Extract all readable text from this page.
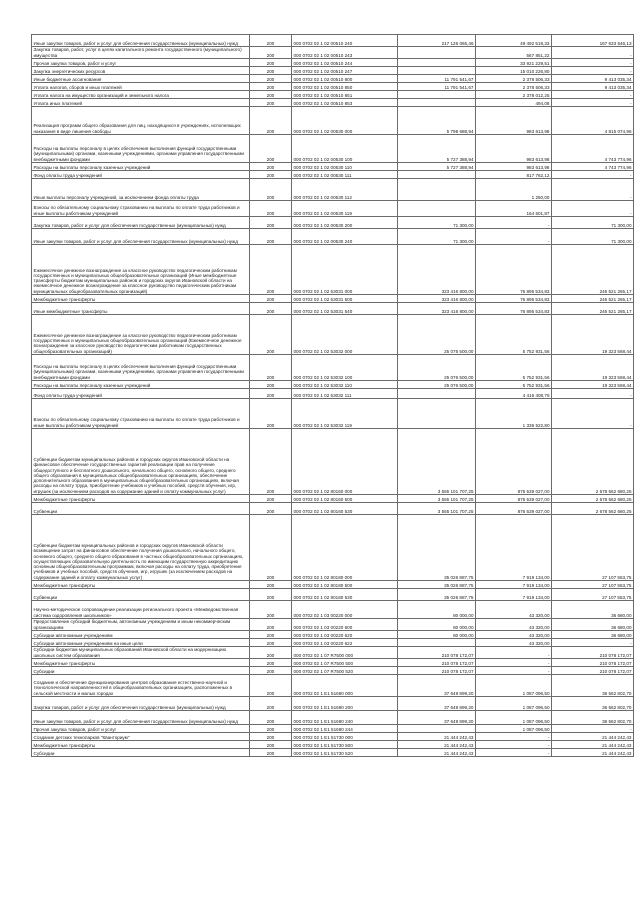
Иные закупки товаров, работ и услуг для обеспечения государственных (муниципальных) нужд	200	000 0702 02 1 02 00510 240	217 126 065,46	49 492 519,33	167 633 546,13
Закупка товаров, работ, услуг в целях капитального ремонта государственного (муниципального) имущества	200	000 0702 02 1 02 00510 243		567 851,22	-
Прочая закупка товаров, работ и услуг	200	000 0702 02 1 02 00510 244		33 921 229,51	-
Закупка энергетических ресурсов	200	000 0702 02 1 02 00510 247		15 010 226,80	-
Иные бюджетные ассигнования	200	000 0702 02 1 02 00510 800	11 791 541,67	2 378 506,33	9 413 035,34
Уплата налогов, сборов и иных платежей	200	000 0702 02 1 02 00510 850	11 791 541,67	2 378 506,33	9 413 035,34
Уплата налога на имущество организаций и земельного налога	200	000 0702 02 1 02 00510 851		2 378 012,25	-
Уплата иных платежей	200	000 0702 02 1 02 00510 853		494,08	-
Реализация программ общего образования для лиц, находящихся в учреждениях, исполняющих наказания в виде лишения свободы	200	000 0702 02 1 02 00530 000	5 798 688,94	983 613,98	4 815 074,96
Расходы на выплаты персоналу в целях обеспечения выполнения функций государственными (муниципальными) органами, казенными учреждениями, органами управления государственными внебюджетными фондами	200	000 0702 02 1 02 00530 100	5 727 388,94	983 613,98	4 743 774,96
Расходы на выплаты персоналу казенных учреждений	200	000 0702 02 1 02 00530 110	5 727 388,94	983 613,98	4 743 774,96
Фонд оплаты труда учреждений	200	000 0702 02 1 02 00530 111		817 762,12	-
Иные выплаты персоналу учреждений, за исключением фонда оплаты труда	200	000 0702 02 1 02 00530 112		1 250,00	-
Взносы по обязательному социальному страхованию на выплаты по оплате труда работников и иные выплаты работникам учреждений	200	000 0702 02 1 02 00530 119		164 601,87	-
Закупка товаров, работ и услуг для обеспечения государственных (муниципальных) нужд	200	000 0702 02 1 02 00530 200	71 300,00	-	71 300,00
Иные закупки товаров, работ и услуг для обеспечения государственных (муниципальных) нужд	200	000 0702 02 1 02 00530 240	71 300,00	-	71 300,00
Ежемесячное денежное вознаграждение за классное руководство педагогическим работникам государственных и муниципальных общеобразовательных организаций (Иные межбюджетные трансферты бюджетам муниципальных районов и городских округов Ивановской области на ежемесячное денежное вознаграждение за классное руководство педагогическим работникам муниципальных общеобразовательных организаций)	200	000 0702 02 1 02 53031 000	323 416 800,00	76 895 534,83	246 521 265,17
Межбюджетные трансферты	200	000 0702 02 1 02 53031 500	323 416 800,00	76 895 534,83	246 521 265,17
Иные межбюджетные трансферты	200	000 0702 02 1 02 53031 540	323 416 800,00	76 895 534,83	246 521 265,17
Ежемесячное денежное вознаграждение за классное руководство педагогическим работникам государственных и муниципальных общеобразовательных организаций (Ежемесячное денежное вознаграждение за классное руководство педагогическим работникам государственных общеобразовательных организаций)	200	000 0702 02 1 02 53032 000	25 076 500,00	5 752 931,56	19 323 568,44
Расходы на выплаты персоналу в целях обеспечения выполнения функций государственными (муниципальными) органами, казенными учреждениями, органами управления государственными внебюджетными фондами	200	000 0702 02 1 02 53032 100	25 076 500,00	5 752 931,56	19 323 568,44
Расходы на выплаты персоналу казенных учреждений	200	000 0702 02 1 02 53032 110	25 076 500,00	5 752 931,56	19 323 568,44
Фонд оплаты труда учреждений	200	000 0702 02 1 02 53032 111		4 416 408,76	-
Взносы по обязательному социальному страхованию на выплаты по оплате труда работников и иные выплаты работникам учреждений	200	000 0702 02 1 02 53032 119		1 336 522,80	-
Субвенции бюджетам муниципальных районов и городских округов Ивановской области на финансовое обеспечение государственных гарантий реализации прав на получение общедоступного и бесплатного дошкольного, начального общего, основного общего, среднего общего образования в муниципальных общеобразовательных организациях, обеспечение дополнительного образования в муниципальных общеобразовательных организациях, включая расходы на оплату труда, приобретение учебников и учебных пособий, средств обучения, игр, игрушек (за исключением расходов на содержание зданий и оплату коммунальных услуг)	200	000 0702 02 1 02 80160 000	3 555 101 707,25	876 539 027,00	2 678 562 680,25
Межбюджетные трансферты	200	000 0702 02 1 02 80160 500	3 555 101 707,25	876 539 027,00	2 678 562 680,25
Субвенции	200	000 0702 02 1 02 80160 530	3 555 101 707,25	876 539 027,00	2 678 562 680,25
Субвенции бюджетам муниципальных районов и городских округов Ивановской области возмещение затрат на финансовое обеспечение получения дошкольного, начального общего, основного общего, среднего общего образования в частных общеобразовательных организациях, осуществляющих образовательную деятельность по имеющим государственную аккредитацию основным общеобразовательным программам, включая расходы на оплату труда, приобретение учебников и учебных пособий, средств обучения, игр, игрушек (за исключением расходов на содержание зданий и оплату коммунальных услуг)	200	000 0702 02 1 02 80180 000	35 026 887,75	7 919 134,00	27 107 553,75
Межбюджетные трансферты	200	000 0702 02 1 02 80180 500	35 026 887,75	7 919 134,00	27 107 553,75
Субвенции	200	000 0702 02 1 02 80180 530	35 026 887,75	7 919 134,00	27 107 553,75
Научно-методическое сопровождение реализации регионального проекта «Межведомственная система оздоровления школьников»	200	000 0702 02 1 03 00220 000	80 000,00	43 320,00	36 680,00
Предоставление субсидий бюджетным, автономным учреждениям и иным некоммерческим организациям	200	000 0702 02 1 03 00220 600	80 000,00	43 320,00	36 680,00
Субсидии автономным учреждениям	200	000 0702 02 1 03 00220 620	80 000,00	43 320,00	36 680,00
Субсидии автономным учреждениям на иные цели	200	000 0702 02 1 03 00220 622		43 320,00	-
Субсидии бюджетам муниципальных образований Ивановской области на модернизацию школьных систем образования	200	000 0702 02 1 07 R7500 000	210 078 172,07	-	210 078 172,07
Межбюджетные трансферты	200	000 0702 02 1 07 R7500 500	210 078 172,07	-	210 078 172,07
Субсидии	200	000 0702 02 1 07 R7500 520	210 078 172,07	-	210 078 172,07
Создание и обеспечение функционирования центров образования естественно-научной и технологической направленностей в общеобразовательных организациях, расположенных в сельской местности и малых городах	200	000 0702 02 1 Е1 51690 000	37 649 899,20	1 087 096,50	36 562 802,70
Закупка товаров, работ и услуг для обеспечения государственных (муниципальных) нужд	200	000 0702 02 1 Е1 51690 200	37 649 899,20	1 087 096,50	36 562 802,70
Иные закупки товаров, работ и услуг для обеспечения государственных (муниципальных) нужд	200	000 0702 02 1 Е1 51690 240	37 649 899,20	1 087 096,50	36 562 802,70
Прочая закупка товаров, работ и услуг	200	000 0702 02 1 Е1 51690 244		1 087 096,50	-
Создание детских технопарков "Кванториум"	200	000 0702 02 1 Е1 51730 000	21 444 242,43	-	21 444 242,43
Межбюджетные трансферты	200	000 0702 02 1 Е1 51730 500	21 444 242,43	-	21 444 242,43
Субсидии	200	000 0702 02 1 Е1 51730 520	21 444 242,43	-	21 444 242,43
